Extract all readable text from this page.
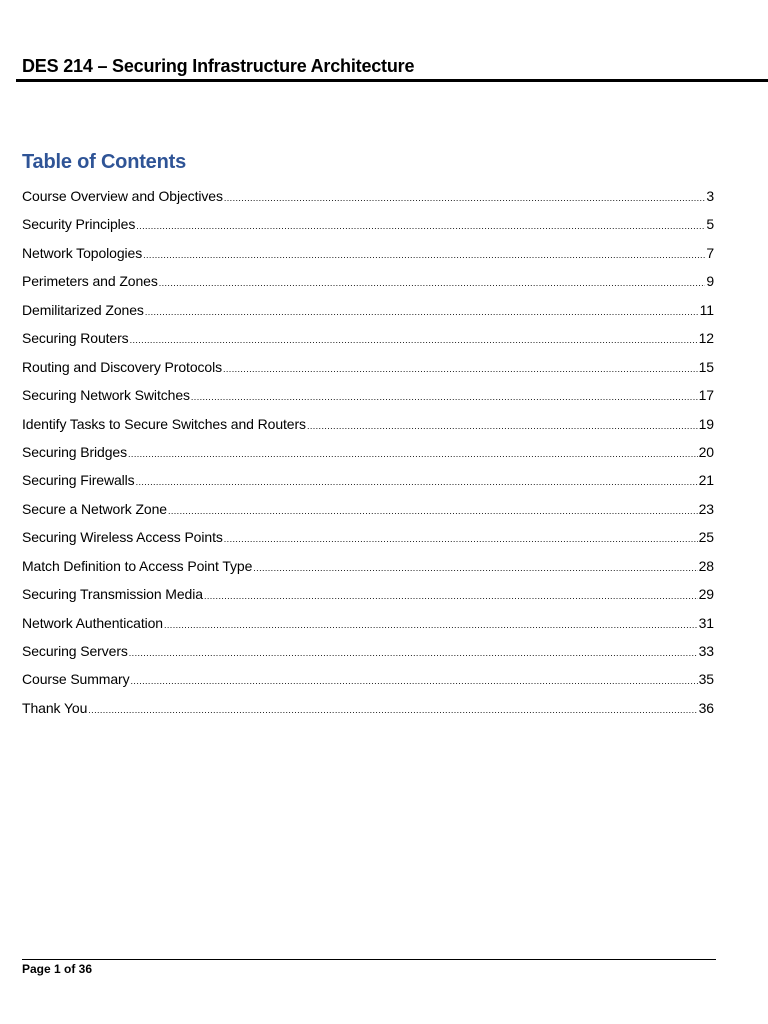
DES 214 – Securing Infrastructure Architecture
Table of Contents
Course Overview and Objectives .....	3
Security Principles .....	5
Network Topologies .....	7
Perimeters and Zones .....	9
Demilitarized Zones .....	11
Securing Routers .....	12
Routing and Discovery Protocols .....	15
Securing Network Switches .....	17
Identify Tasks to Secure Switches and Routers .....	19
Securing Bridges .....	20
Securing Firewalls .....	21
Secure a Network Zone .....	23
Securing Wireless Access Points .....	25
Match Definition to Access Point Type .....	28
Securing Transmission Media .....	29
Network Authentication .....	31
Securing Servers .....	33
Course Summary .....	35
Thank You .....	36
Page 1 of 36
